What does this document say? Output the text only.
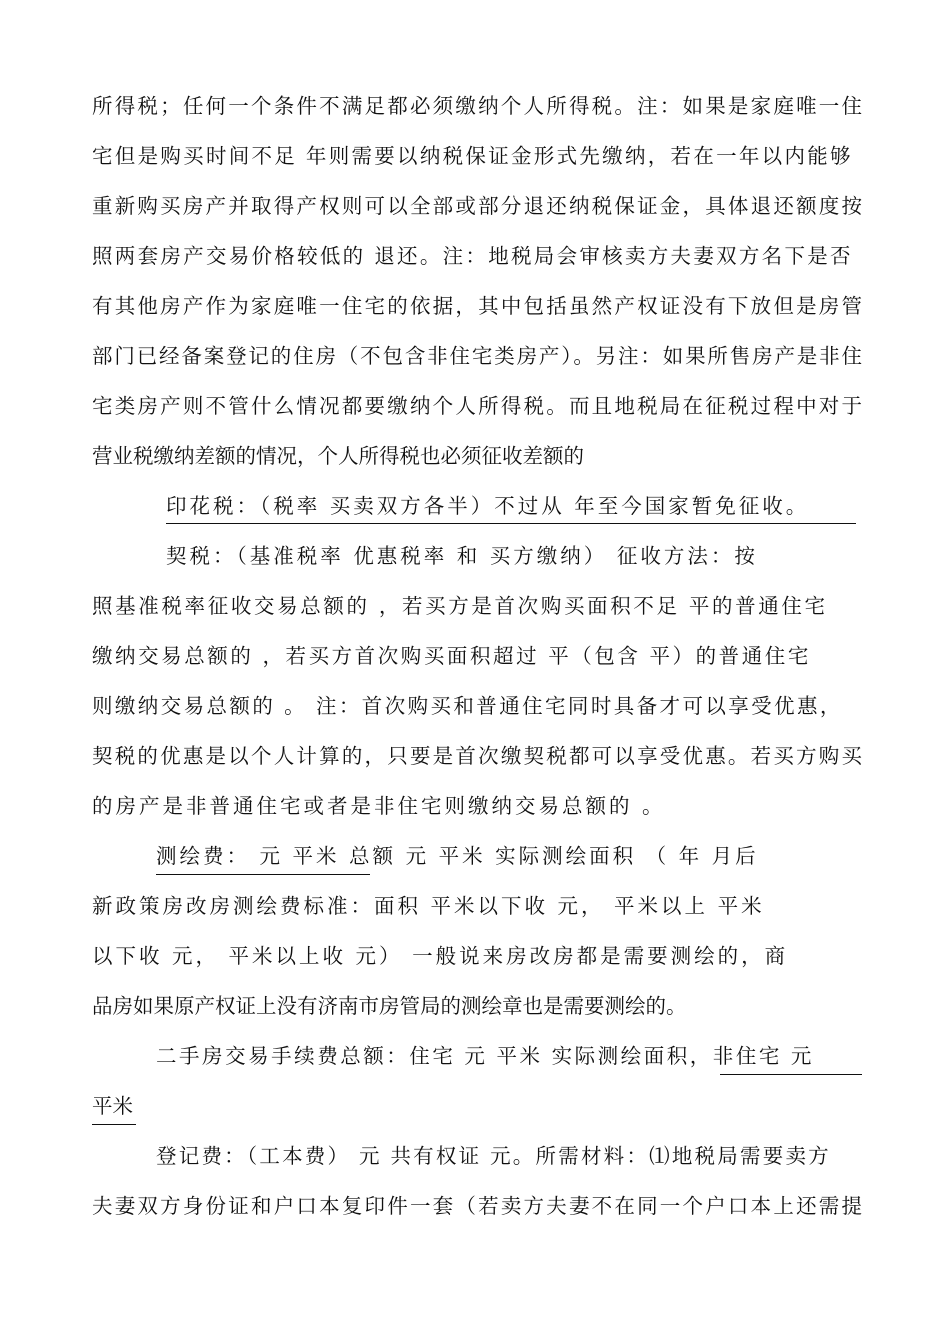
所得税；任何一个条件不满足都必须缴纳个人所得税。注：如果是家庭唯一住
宅但是购买时间不足 年则需要以纳税保证金形式先缴纳，若在一年以内能够
重新购买房产并取得产权则可以全部或部分退还纳税保证金，具体退还额度按
照两套房产交易价格较低的 退还。注：地税局会审核卖方夫妻双方名下是否
有其他房产作为家庭唯一住宅的依据，其中包括虽然产权证没有下放但是房管
部门已经备案登记的住房（不包含非住宅类房产）。另注：如果所售房产是非住
宅类房产则不管什么情况都要缴纳个人所得税。而且地税局在征税过程中对于
营业税缴纳差额的情况，个人所得税也必须征收差额的
印花税：（税率 买卖双方各半）不过从 年至今国家暂免征收。
契税：（基准税率 优惠税率 和 买方缴纳） 征收方法：按
照基准税率征收交易总额的 ，若买方是首次购买面积不足 平的普通住宅
缴纳交易总额的 ，若买方首次购买面积超过 平（包含 平）的普通住宅
则缴纳交易总额的 。 注：首次购买和普通住宅同时具备才可以享受优惠，
契税的优惠是以个人计算的，只要是首次缴契税都可以享受优惠。若买方购买
的房产是非普通住宅或者是非住宅则缴纳交易总额的 。
测绘费： 元 平米 总额 元 平米 实际测绘面积 （ 年 月后
新政策房改房测绘费标准：面积 平米以下收 元， 平米以上 平米
以下收 元， 平米以上收 元） 一般说来房改房都是需要测绘的，商
品房如果原产权证上没有济南市房管局的测绘章也是需要测绘的。
二手房交易手续费总额：住宅 元 平米 实际测绘面积，非住宅 元
平米
登记费：（工本费） 元 共有权证 元。所需材料：⑴地税局需要卖方
夫妻双方身份证和户口本复印件一套（若卖方夫妻不在同一个户口本上还需提
